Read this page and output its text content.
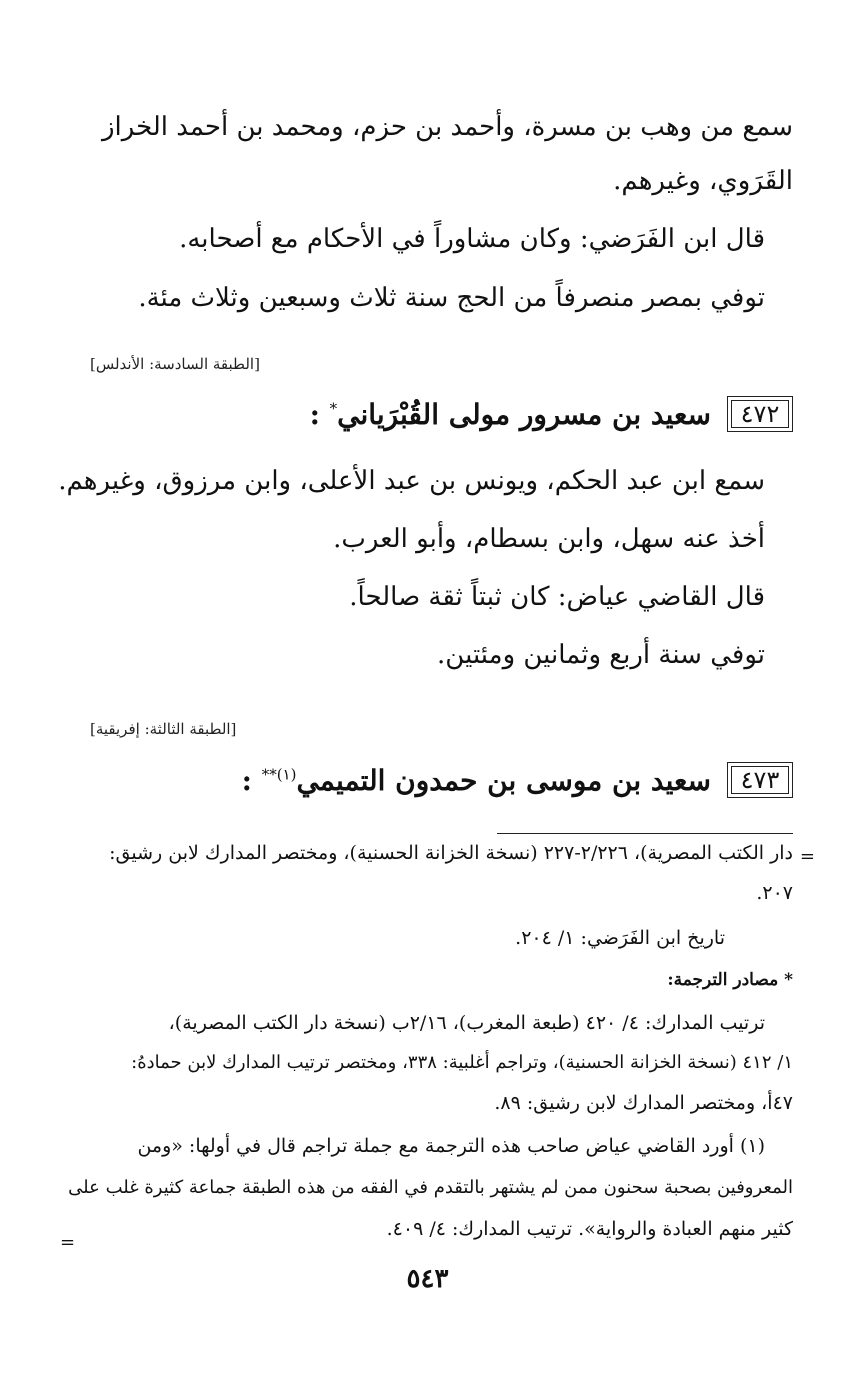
سمع من وهب بن مسرة، وأحمد بن حزم، ومحمد بن أحمد الخراز
القَرَوي، وغيرهم.
قال ابن الفَرَضي: وكان مشاوراً في الأحكام مع أصحابه.
توفي بمصر منصرفاً من الحج سنة ثلاث وسبعين وثلاث مئة.
[الطبقة السادسة: الأندلس]
٤٧٢
سعيد بن مسرور مولى القُبْرَياني* :
سمع ابن عبد الحكم، ويونس بن عبد الأعلى، وابن مرزوق، وغيرهم.
أخذ عنه سهل، وابن بسطام، وأبو العرب.
قال القاضي عياض: كان ثبتاً ثقة صالحاً.
توفي سنة أربع وثمانين ومئتين.
[الطبقة الثالثة: إفريقية]
٤٧٣
سعيد بن موسى بن حمدون التميمي$^{(١)**}$ :
=
دار الكتب المصرية)، ٢/٢٢٦-٢٢٧ (نسخة الخزانة الحسنية)، ومختصر المدارك لابن رشيق:
٢٠٧.
تاريخ ابن الفَرَضي: ١/ ٢٠٤.
* مصادر الترجمة:
ترتيب المدارك: ٤/ ٤٢٠ (طبعة المغرب)، ٢/١٦ب (نسخة دار الكتب المصرية)،
١/ ٤١٢ (نسخة الخزانة الحسنية)، وتراجم أغلبية: ٣٣٨، ومختصر ترتيب المدارك لابن حمادهُ:
٤٧أ، ومختصر المدارك لابن رشيق: ٨٩.
(١) أورد القاضي عياض صاحب هذه الترجمة مع جملة تراجم قال في أولها: «ومن
المعروفين بصحبة سحنون ممن لم يشتهر بالتقدم في الفقه من هذه الطبقة جماعة كثيرة غلب على
كثير منهم العبادة والرواية». ترتيب المدارك: ٤/ ٤٠٩.
=
٥٤٣
